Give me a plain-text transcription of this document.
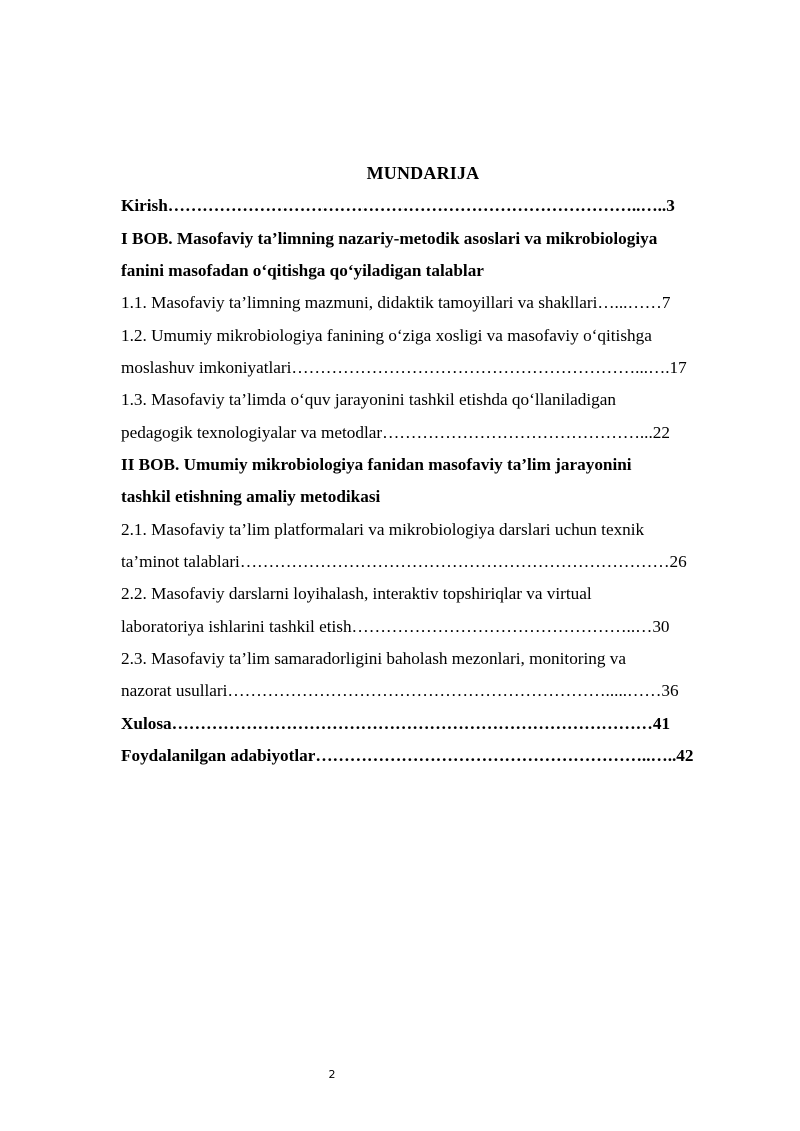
MUNDARIJA
Kirish………………………………………………………………………..…..3
I BOB. Masofaviy ta’limning nazariy-metodik asoslari va mikrobiologiya
fanini masofadan o‘qitishga qo‘yiladigan talablar
1.1. Masofaviy ta’limning mazmuni, didaktik tamoyillari va shakllari…...……7
1.2. Umumiy mikrobiologiya fanining o‘ziga xosligi va masofaviy o‘qitishga
moslashuv imkoniyatlari……………………………………………………...….17
1.3. Masofaviy ta’limda o‘quv jarayonini tashkil etishda qo‘llaniladigan
pedagogik texnologiyalar va metodlar………………………………………...22
II BOB. Umumiy mikrobiologiya fanidan masofaviy ta’lim jarayonini
tashkil etishning amaliy metodikasi
2.1. Masofaviy ta’lim platformalari va mikrobiologiya darslari uchun texnik
ta’minot talablari…………………………………………………………………26
2.2. Masofaviy darslarni loyihalash, interaktiv topshiriqlar va virtual
laboratoriya ishlarini tashkil etish…………………………………………..…30
2.3. Masofaviy ta’lim samaradorligini baholash mezonlari, monitoring va
nazorat usullari………………………………………………………….....……36
Xulosa…………………………………………………………………………41
Foydalanilgan adabiyotlar…………………………………………………..…..42
2
